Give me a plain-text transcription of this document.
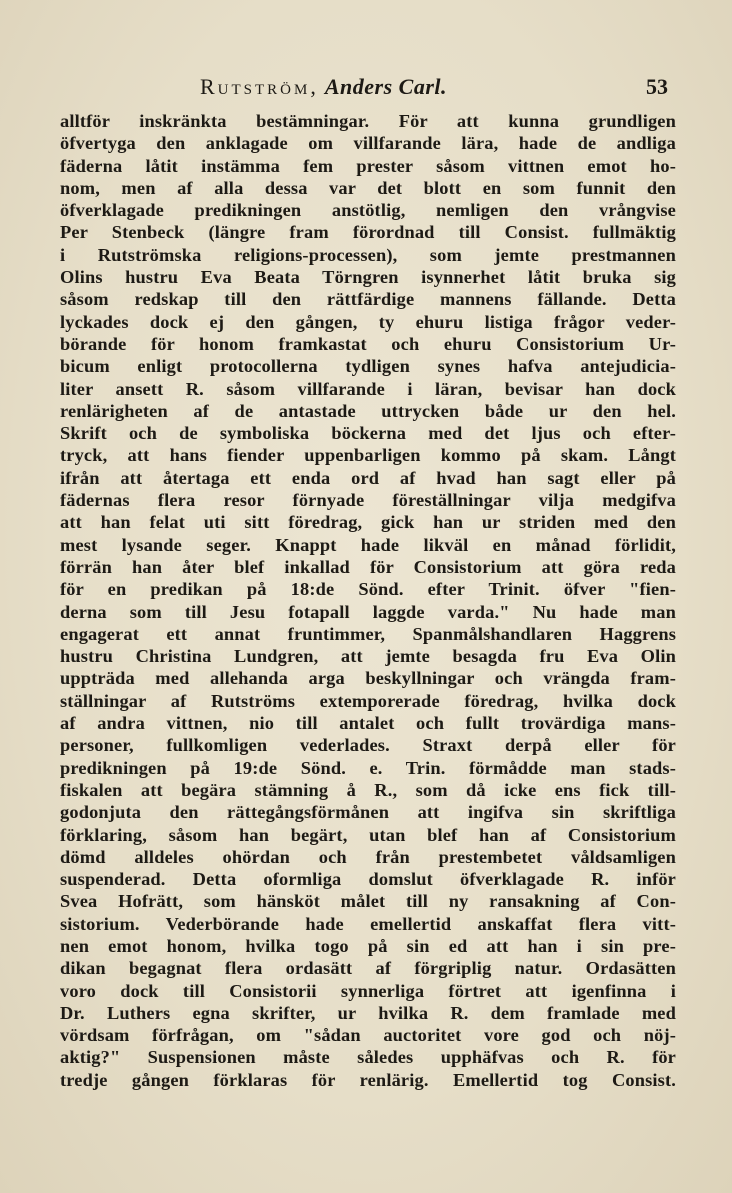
Rutström, Anders Carl.	53
alltför inskränkta bestämningar. För att kunna grundligen
öfvertyga den anklagade om villfarande lära, hade de andliga
fäderna låtit instämma fem prester såsom vittnen emot ho-
nom, men af alla dessa var det blott en som funnit den
öfverklagade predikningen anstötlig, nemligen den vrångvise
Per Stenbeck (längre fram förordnad till Consist. fullmäktig
i Rutströmska religions-processen), som jemte prestmannen
Olins hustru Eva Beata Törngren isynnerhet låtit bruka sig
såsom redskap till den rättfärdige mannens fällande. Detta
lyckades dock ej den gången, ty ehuru listiga frågor veder-
börande för honom framkastat och ehuru Consistorium Ur-
bicum enligt protocollerna tydligen synes hafva antejudicia-
liter ansett R. såsom villfarande i läran, bevisar han dock
renlärigheten af de antastade uttrycken både ur den hel.
Skrift och de symboliska böckerna med det ljus och efter-
tryck, att hans fiender uppenbarligen kommo på skam. Långt
ifrån att återtaga ett enda ord af hvad han sagt eller på
fädernas flera resor förnyade föreställningar vilja medgifva
att han felat uti sitt föredrag, gick han ur striden med den
mest lysande seger. Knappt hade likväl en månad förlidit,
förrän han åter blef inkallad för Consistorium att göra reda
för en predikan på 18:de Sönd. efter Trinit. öfver "fien-
derna som till Jesu fotapall laggde varda." Nu hade man
engagerat ett annat fruntimmer, Spanmålshandlaren Haggrens
hustru Christina Lundgren, att jemte besagda fru Eva Olin
uppträda med allehanda arga beskyllningar och vrängda fram-
ställningar af Rutströms extemporerade föredrag, hvilka dock
af andra vittnen, nio till antalet och fullt trovärdiga mans-
personer, fullkomligen vederlades. Straxt derpå eller för
predikningen på 19:de Sönd. e. Trin. förmådde man stads-
fiskalen att begära stämning å R., som då icke ens fick till-
godonjuta den rättegångsförmånen att ingifva sin skriftliga
förklaring, såsom han begärt, utan blef han af Consistorium
dömd alldeles ohördan och från prestembetet våldsamligen
suspenderad. Detta oformliga domslut öfverklagade R. inför
Svea Hofrätt, som hänsköt målet till ny ransakning af Con-
sistorium. Vederbörande hade emellertid anskaffat flera vitt-
nen emot honom, hvilka togo på sin ed att han i sin pre-
dikan begagnat flera ordasätt af förgriplig natur. Ordasätten
voro dock till Consistorii synnerliga förtret att igenfinna i
Dr. Luthers egna skrifter, ur hvilka R. dem framlade med
vördsam förfrågan, om "sådan auctoritet vore god och nöj-
aktig?" Suspensionen måste således upphäfvas och R. för
tredje gången förklaras för renlärig. Emellertid tog Consist.
